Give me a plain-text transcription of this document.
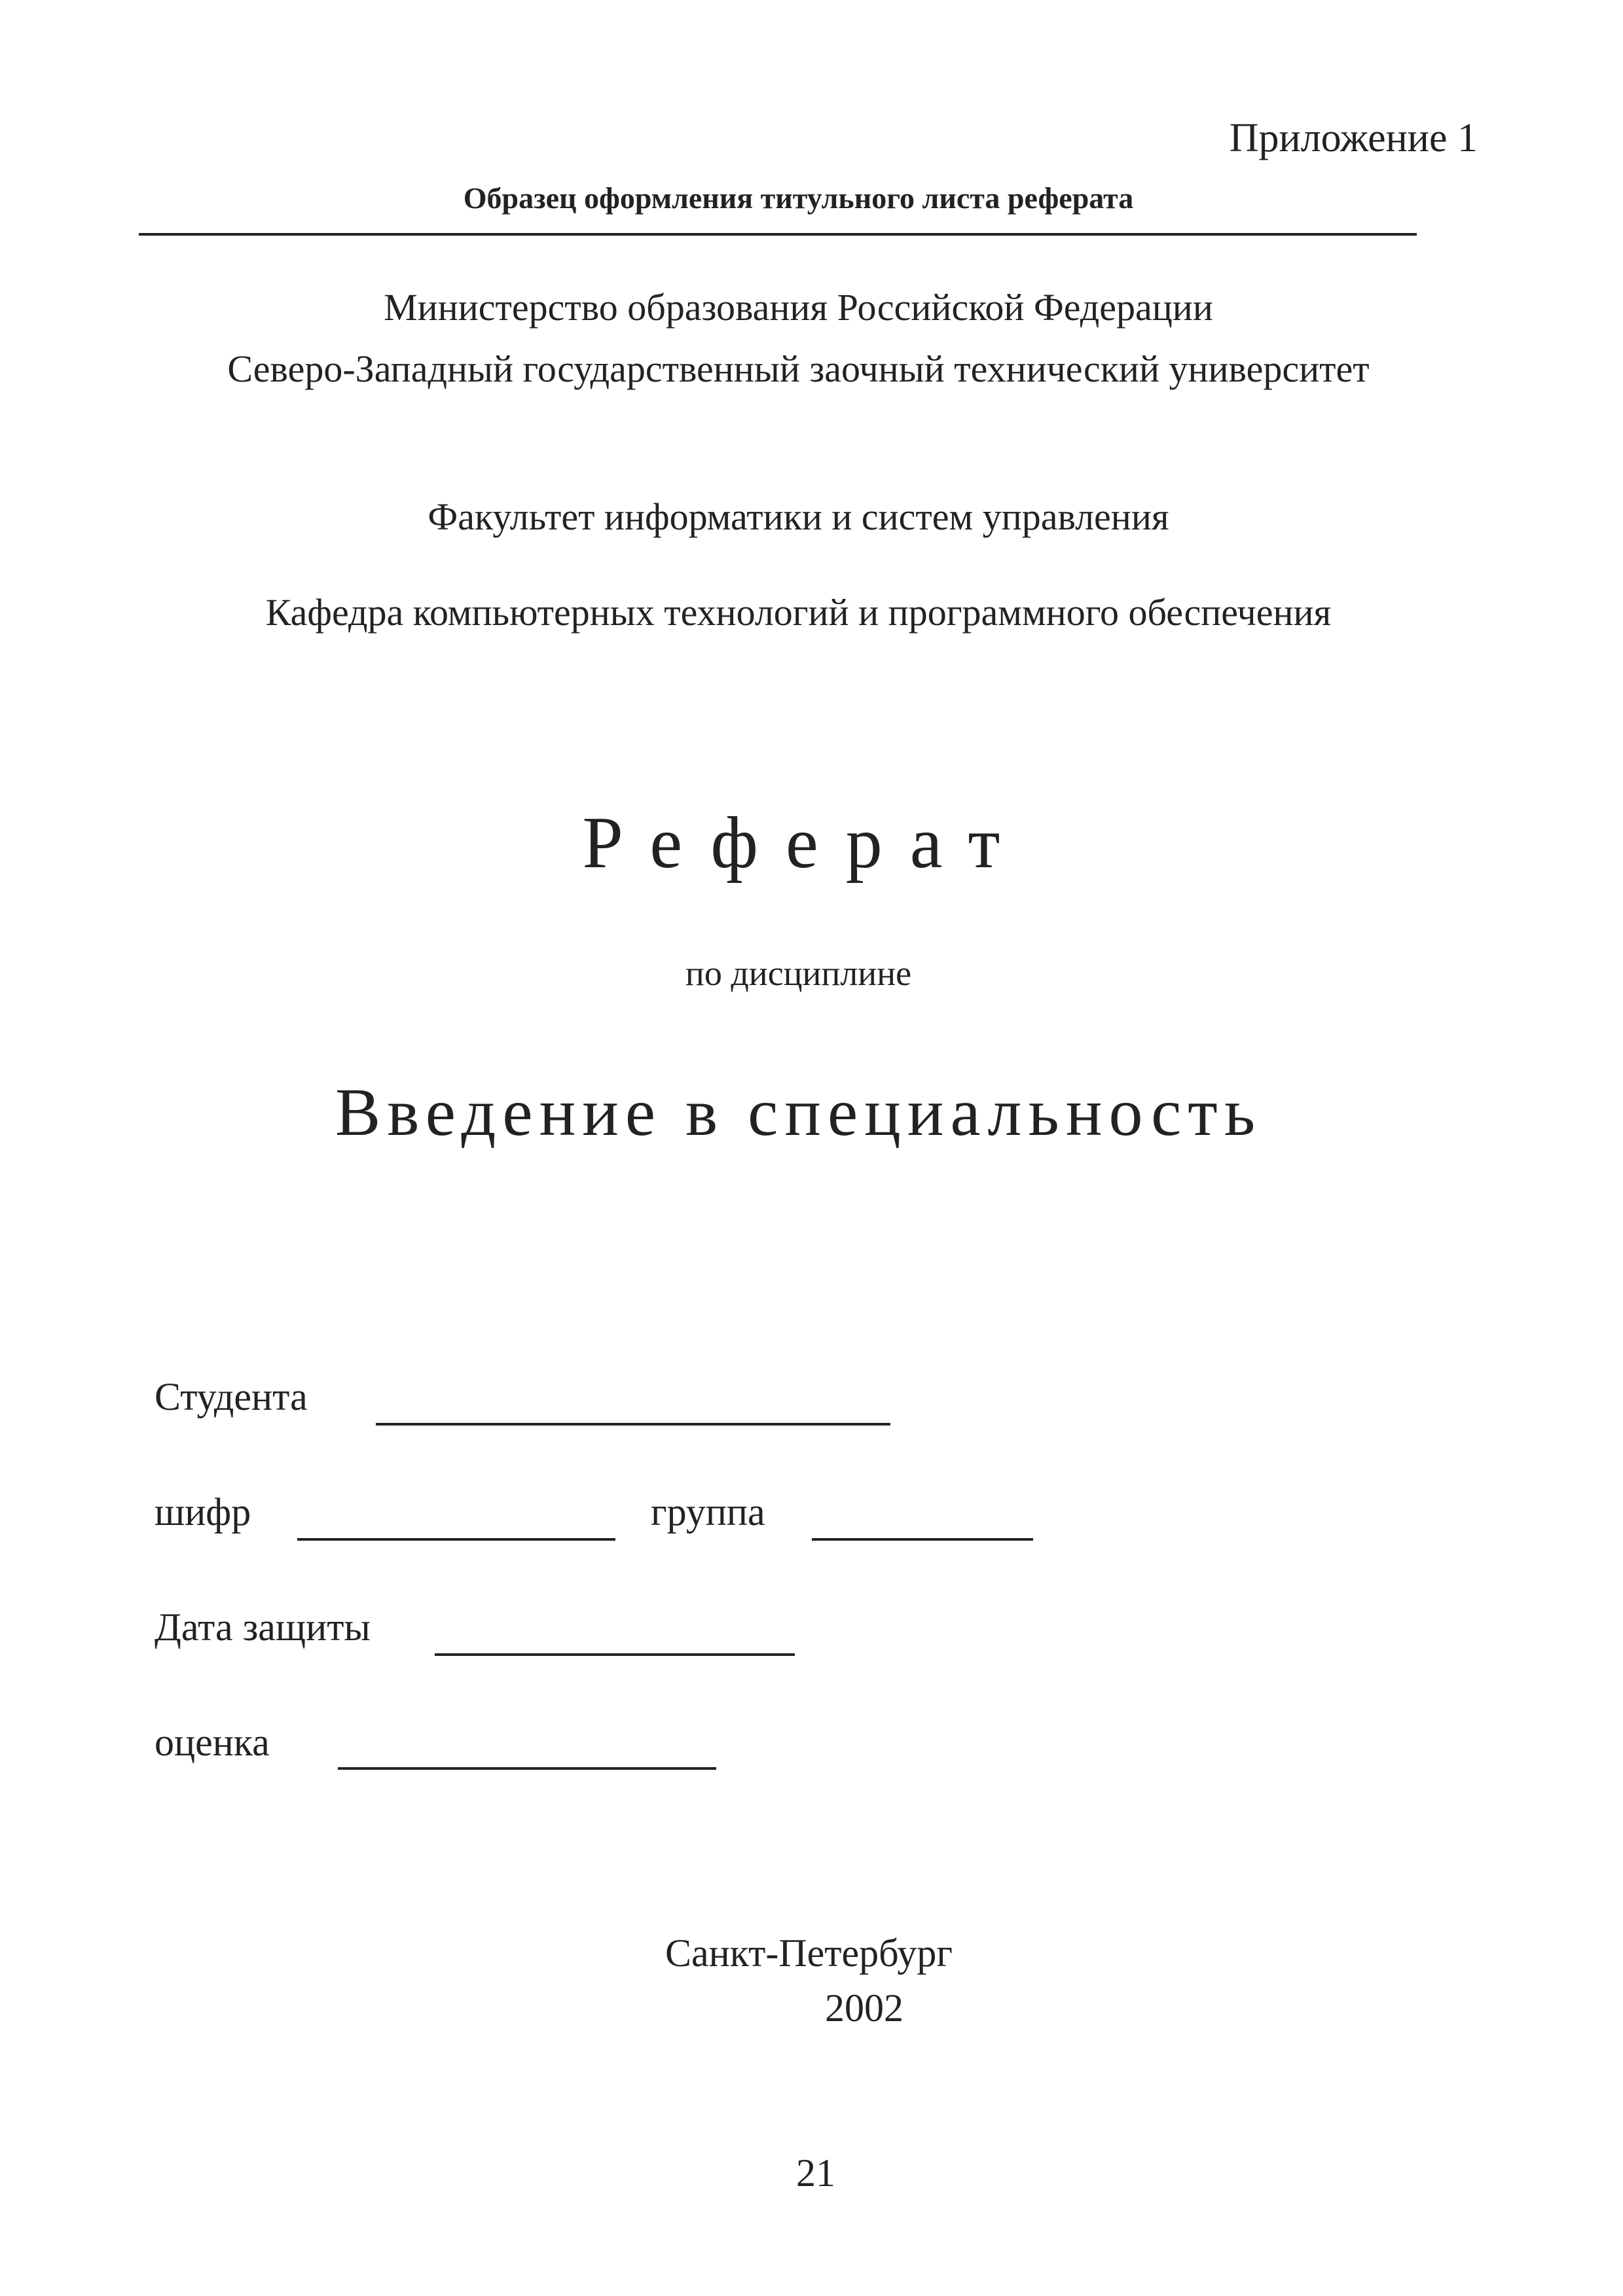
Приложение 1
Образец оформления титульного листа реферата
Министерство образования Российской Федерации
Северо-Западный государственный заочный технический университет
Факультет информатики и систем управления
Кафедра компьютерных технологий и программного обеспечения
Реферат
по дисциплине
Введение в специальность
Студента
шифр	группа
Дата защиты
оценка
Санкт-Петербург
2002
21
